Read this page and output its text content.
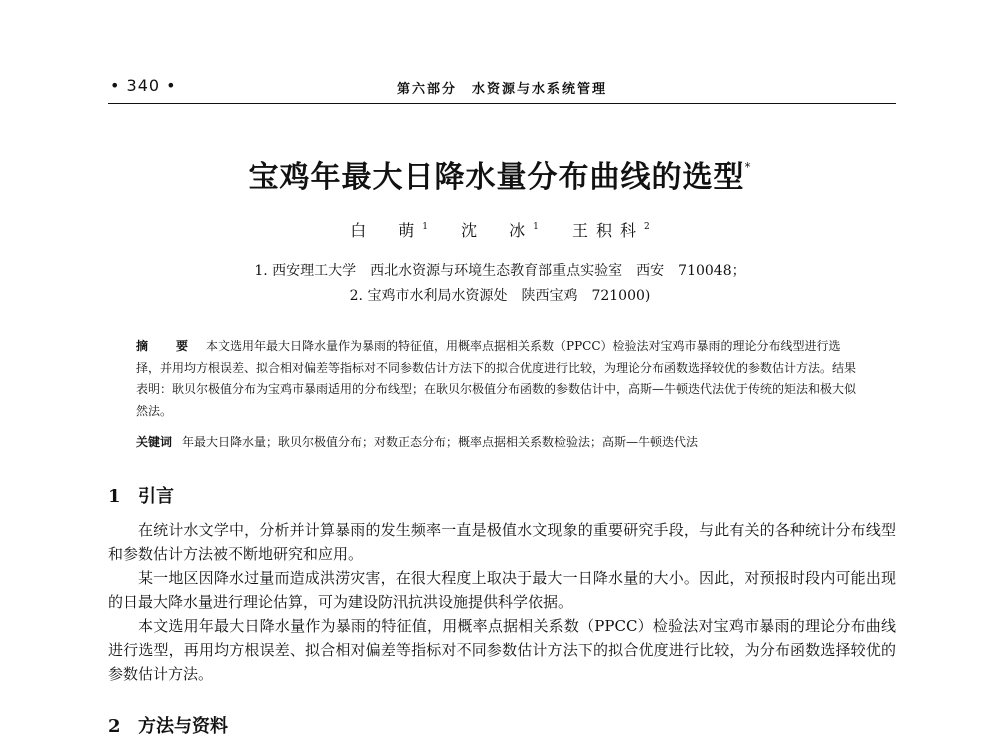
• 340 •	第六部分　水资源与水系统管理
宝鸡年最大日降水量分布曲线的选型*
白　萌$^1$ 沈　冰$^1$ 王积科$^2$
1. 西安理工大学　西北水资源与环境生态教育部重点实验室　西安　710048；
2. 宝鸡市水利局水资源处　陕西宝鸡　721000)
摘　要 本文选用年最大日降水量作为暴雨的特征值，用概率点据相关系数（PPCC）检验法对宝鸡市暴雨的理论分布线型进行选择，并用均方根误差、拟合相对偏差等指标对不同参数估计方法下的拟合优度进行比较，为理论分布函数选择较优的参数估计方法。结果表明：耿贝尔极值分布为宝鸡市暴雨适用的分布线型；在耿贝尔极值分布函数的参数估计中，高斯—牛顿迭代法优于传统的矩法和极大似然法。
关键词 年最大日降水量；耿贝尔极值分布；对数正态分布；概率点据相关系数检验法；高斯—牛顿迭代法
1 引言

在统计水文学中，分析并计算暴雨的发生频率一直是极值水文现象的重要研究手段，与此有关的各种统计分布线型和参数估计方法被不断地研究和应用。

某一地区因降水过量而造成洪涝灾害，在很大程度上取决于最大一日降水量的大小。因此，对预报时段内可能出现的日最大降水量进行理论估算，可为建设防汛抗洪设施提供科学依据。

本文选用年最大日降水量作为暴雨的特征值，用概率点据相关系数（PPCC）检验法对宝鸡市暴雨的理论分布曲线进行选型，再用均方根误差、拟合相对偏差等指标对不同参数估计方法下的拟合优度进行比较，为分布函数选择较优的参数估计方法。

2 方法与资料
